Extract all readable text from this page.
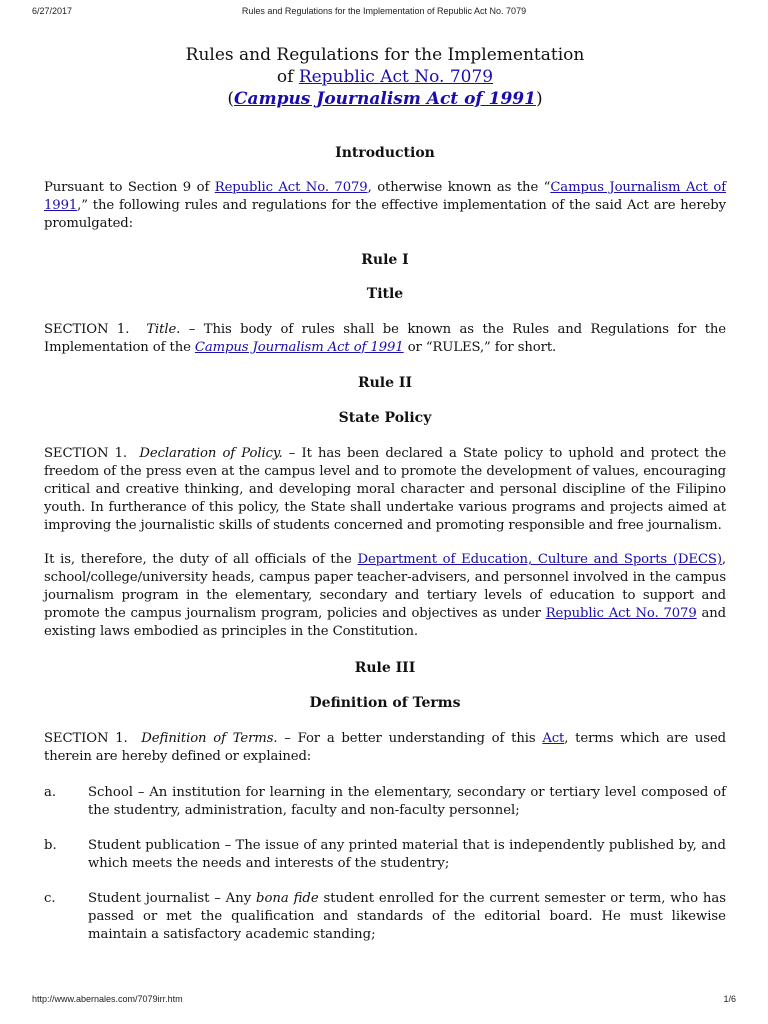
6/27/2017	Rules and Regulations for the Implementation of Republic Act No. 7079
Rules and Regulations for the Implementation
of Republic Act No. 7079
(Campus Journalism Act of 1991)
Introduction

Pursuant to Section 9 of Republic Act No. 7079, otherwise known as the “Campus Journalism Act of 1991,” the following rules and regulations for the effective implementation of the said Act are hereby promulgated:

Rule I
Title

SECTION 1. Title. – This body of rules shall be known as the Rules and Regulations for the Implementation of the Campus Journalism Act of 1991 or “RULES,” for short.

Rule II
State Policy

SECTION 1. Declaration of Policy. – It has been declared a State policy to uphold and protect the freedom of the press even at the campus level and to promote the development of values, encouraging critical and creative thinking, and developing moral character and personal discipline of the Filipino youth. In furtherance of this policy, the State shall undertake various programs and projects aimed at improving the journalistic skills of students concerned and promoting responsible and free journalism.

It is, therefore, the duty of all officials of the Department of Education, Culture and Sports (DECS), school/college/university heads, campus paper teacher-advisers, and personnel involved in the campus journalism program in the elementary, secondary and tertiary levels of education to support and promote the campus journalism program, policies and objectives as under Republic Act No. 7079 and existing laws embodied as principles in the Constitution.

Rule III
Definition of Terms

SECTION 1. Definition of Terms. – For a better understanding of this Act, terms which are used therein are hereby defined or explained:

a. School – An institution for learning in the elementary, secondary or tertiary level composed of the studentry, administration, faculty and non-faculty personnel;
b. Student publication – The issue of any printed material that is independently published by, and which meets the needs and interests of the studentry;
c. Student journalist – Any bona fide student enrolled for the current semester or term, who has passed or met the qualification and standards of the editorial board. He must likewise maintain a satisfactory academic standing;
http://www.abernales.com/7079irr.htm	1/6
